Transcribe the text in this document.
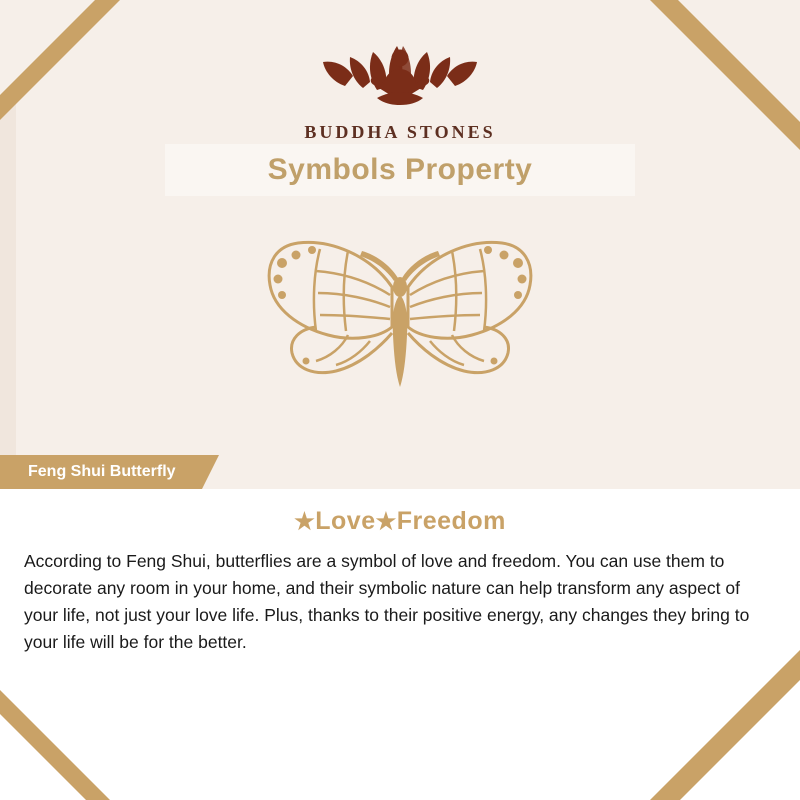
BUDDHA STONES
Symbols Property
Feng Shui Butterfly
★Love★Freedom
According to Feng Shui, butterflies are a symbol of love and freedom. You can use them to decorate any room in your home, and their symbolic nature can help transform any aspect of your life, not just your love life. Plus, thanks to their positive energy, any changes they bring to your life will be for the better.
